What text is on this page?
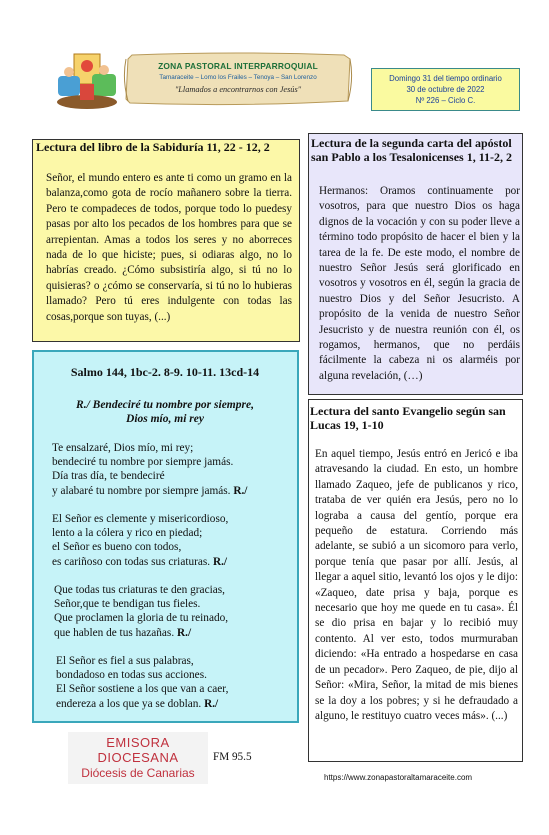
ZONA PASTORAL INTERPARROQUIAL
Tamaraceite – Lomo los Frailes – Tenoya – San Lorenzo
"Llamados a encontrarnos con Jesús"
Domingo 31 del tiempo ordinario
30 de octubre de 2022
Nº 226 – Ciclo C.
Lectura del libro de la Sabiduría 11, 22 - 12, 2
Señor, el mundo entero es ante ti como un gramo en la balanza,como gota de rocío mañanero sobre la tierra. Pero te compadeces de todos, porque todo lo puedesy pasas por alto los pecados de los hombres para que se arrepientan. Amas a todos los seres y no aborreces nada de lo que hiciste; pues, si odiaras algo, no lo habrías creado. ¿Cómo subsistiría algo, si tú no lo quisieras? o ¿cómo se conservaría, si tú no lo hubieras llamado? Pero tú eres indulgente con todas las cosas,porque son tuyas, (...)
Salmo 144, 1bc-2. 8-9. 10-11. 13cd-14
R./ Bendeciré tu nombre por siempre,
Dios mío, mi rey
Te ensalzaré, Dios mío, mi rey;
bendeciré tu nombre por siempre jamás.
Día tras día, te bendeciré
y alabaré tu nombre por siempre jamás. R./
El Señor es clemente y misericordioso,
lento a la cólera y rico en piedad;
el Señor es bueno con todos,
es cariñoso con todas sus criaturas. R./
Que todas tus criaturas te den gracias,
Señor,que te bendigan tus fieles.
Que proclamen la gloria de tu reinado,
que hablen de tus hazañas. R./
El Señor es fiel a sus palabras,
bondadoso en todas sus acciones.
El Señor sostiene a los que van a caer,
endereza a los que ya se doblan. R./
Lectura de la segunda carta del apóstol san Pablo a los Tesalonicenses 1, 11-2, 2
Hermanos: Oramos continuamente por vosotros, para que nuestro Dios os haga dignos de la vocación y con su poder lleve a término todo propósito de hacer el bien y la tarea de la fe. De este modo, el nombre de nuestro Señor Jesús será glorificado en vosotros y vosotros en él, según la gracia de nuestro Dios y del Señor Jesucristo. A propósito de la venida de nuestro Señor Jesucristo y de nuestra reunión con él, os rogamos, hermanos, que no perdáis fácilmente la cabeza ni os alarméis por alguna revelación, (…)
Lectura del santo Evangelio según san Lucas 19, 1-10
En aquel tiempo, Jesús entró en Jericó e iba atravesando la ciudad. En esto, un hombre llamado Zaqueo, jefe de publicanos y rico, trataba de ver quién era Jesús, pero no lo lograba a causa del gentío, porque era pequeño de estatura. Corriendo más adelante, se subió a un sicomoro para verlo, porque tenía que pasar por allí. Jesús, al llegar a aquel sitio, levantó los ojos y le dijo: «Zaqueo, date prisa y baja, porque es necesario que hoy me quede en tu casa». Él se dio prisa en bajar y lo recibió muy contento. Al ver esto, todos murmuraban diciendo: «Ha entrado a hospedarse en casa de un pecador». Pero Zaqueo, de pie, dijo al Señor: «Mira, Señor, la mitad de mis bienes se la doy a los pobres; y si he defraudado a alguno, le restituyo cuatro veces más». (...)
EMISORA
DIOCESANA
Diócesis de Canarias
FM 95.5
https://www.zonapastoraltamaraceite.com
